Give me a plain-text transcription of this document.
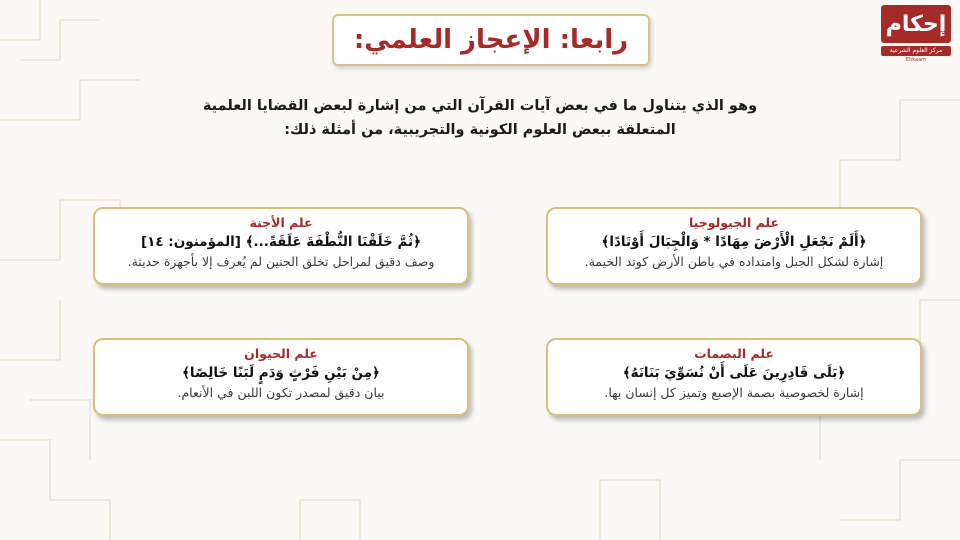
إحكام
مركز العلوم الشرعية
Ehkaam
رابعا: الإعجاز العلمي:
وهو الذي يتناول ما في بعض آيات القرآن التي من إشارة لبعض القضايا العلمية المتعلقة ببعض العلوم الكونية والتجريبية، من أمثلة ذلك:
علم الجيولوجيا
﴿أَلَمْ نَجْعَلِ الْأَرْضَ مِهَادًا * وَالْجِبَالَ أَوْتَادًا﴾
إشارة لشكل الجبل وامتداده في باطن الأرض كوتد الخيمة.
علم الأجنة
﴿ثُمَّ خَلَقْنَا النُّطْفَةَ عَلَقَةً...﴾ [المؤمنون: ١٤]
وصف دقيق لمراحل تخلق الجنين لم يُعرف إلا بأجهزة حديثة.
علم البصمات
﴿بَلَى قَادِرِينَ عَلَى أَنْ نُسَوِّيَ بَنَانَهُ﴾
إشارة لخصوصية بصمة الإصبع وتميز كل إنسان بها.
علم الحيوان
﴿مِنْ بَيْنِ فَرْثٍ وَدَمٍ لَبَنًا خَالِصًا﴾
بيان دقيق لمصدر تكون اللبن في الأنعام.
